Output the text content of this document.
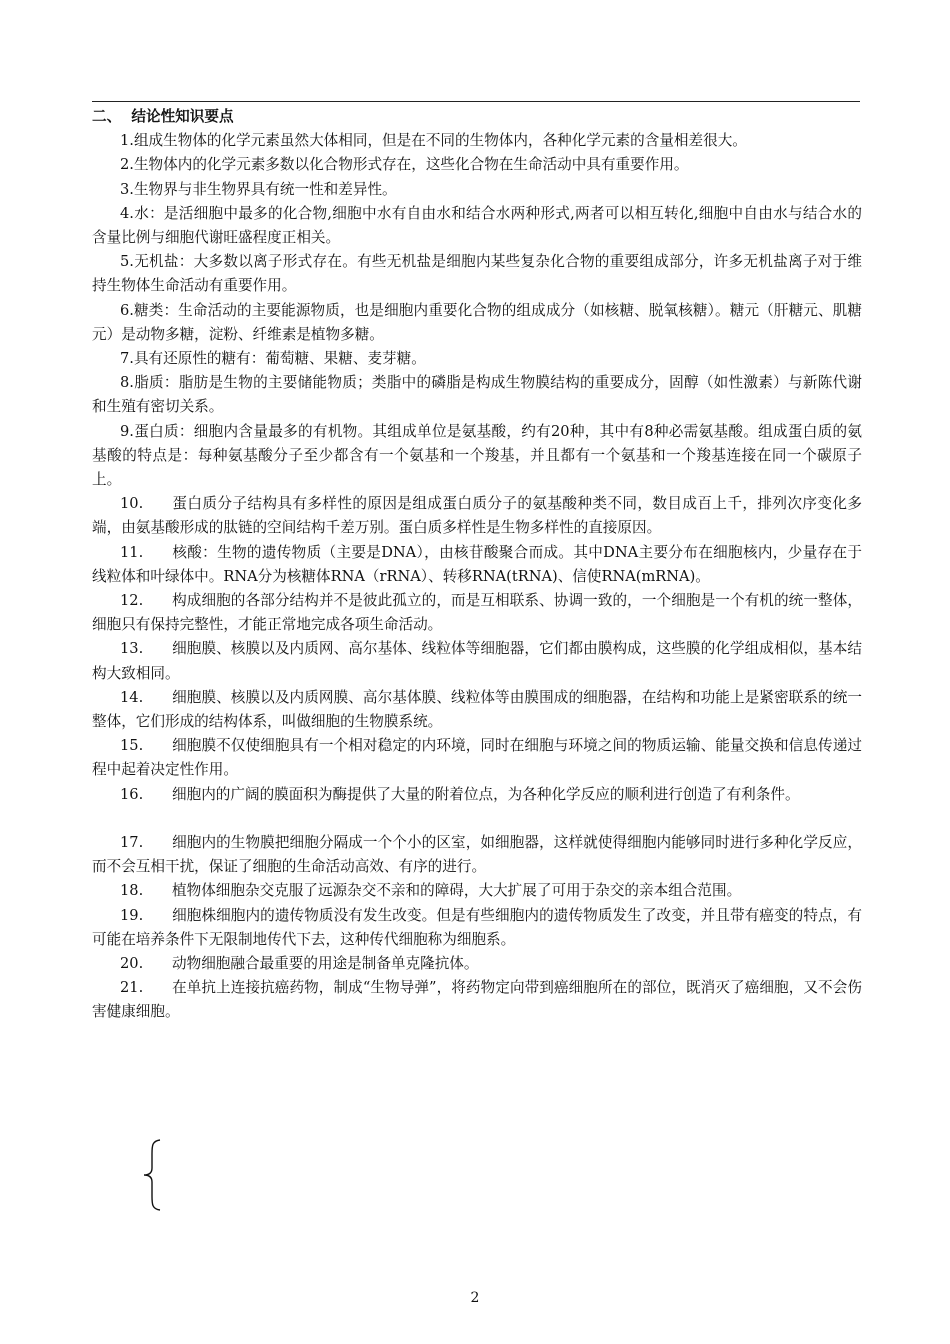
二、 结论性知识要点

1.组成生物体的化学元素虽然大体相同，但是在不同的生物体内，各种化学元素的含量相差很大。

2.生物体内的化学元素多数以化合物形式存在，这些化合物在生命活动中具有重要作用。

3.生物界与非生物界具有统一性和差异性。

4.水：是活细胞中最多的化合物,细胞中水有自由水和结合水两种形式,两者可以相互转化,细胞中自由水与结合水的含量比例与细胞代谢旺盛程度正相关。

5.无机盐：大多数以离子形式存在。有些无机盐是细胞内某些复杂化合物的重要组成部分，许多无机盐离子对于维持生物体生命活动有重要作用。

6.糖类：生命活动的主要能源物质，也是细胞内重要化合物的组成成分（如核糖、脱氧核糖）。糖元（肝糖元、肌糖元）是动物多糖，淀粉、纤维素是植物多糖。

7.具有还原性的糖有：葡萄糖、果糖、麦芽糖。

8.脂质：脂肪是生物的主要储能物质；类脂中的磷脂是构成生物膜结构的重要成分，固醇（如性激素）与新陈代谢和生殖有密切关系。

9.蛋白质：细胞内含量最多的有机物。其组成单位是氨基酸，约有20种，其中有8种必需氨基酸。组成蛋白质的氨基酸的特点是：每种氨基酸分子至少都含有一个氨基和一个羧基，并且都有一个氨基和一个羧基连接在同一个碳原子上。

10. 蛋白质分子结构具有多样性的原因是组成蛋白质分子的氨基酸种类不同，数目成百上千，排列次序变化多端，由氨基酸形成的肽链的空间结构千差万别。蛋白质多样性是生物多样性的直接原因。

11. 核酸：生物的遗传物质（主要是DNA），由核苷酸聚合而成。其中DNA主要分布在细胞核内，少量存在于线粒体和叶绿体中。RNA分为核糖体RNA（rRNA）、转移RNA(tRNA)、信使RNA(mRNA)。

12. 构成细胞的各部分结构并不是彼此孤立的，而是互相联系、协调一致的，一个细胞是一个有机的统一整体，细胞只有保持完整性，才能正常地完成各项生命活动。

13. 细胞膜、核膜以及内质网、高尔基体、线粒体等细胞器，它们都由膜构成，这些膜的化学组成相似，基本结构大致相同。

14. 细胞膜、核膜以及内质网膜、高尔基体膜、线粒体等由膜围成的细胞器，在结构和功能上是紧密联系的统一整体，它们形成的结构体系，叫做细胞的生物膜系统。

15. 细胞膜不仅使细胞具有一个相对稳定的内环境，同时在细胞与环境之间的物质运输、能量交换和信息传递过程中起着决定性作用。

16. 细胞内的广阔的膜面积为酶提供了大量的附着位点，为各种化学反应的顺利进行创造了有利条件。

17. 细胞内的生物膜把细胞分隔成一个个小的区室，如细胞器，这样就使得细胞内能够同时进行多种化学反应，而不会互相干扰，保证了细胞的生命活动高效、有序的进行。

18. 植物体细胞杂交克服了远源杂交不亲和的障碍，大大扩展了可用于杂交的亲本组合范围。

19. 细胞株细胞内的遗传物质没有发生改变。但是有些细胞内的遗传物质发生了改变，并且带有癌变的特点，有可能在培养条件下无限制地传代下去，这种传代细胞称为细胞系。

20. 动物细胞融合最重要的用途是制备单克隆抗体。

21. 在单抗上连接抗癌药物，制成“生物导弹”，将药物定向带到癌细胞所在的部位，既消灭了癌细胞，又不会伤害健康细胞。

2
